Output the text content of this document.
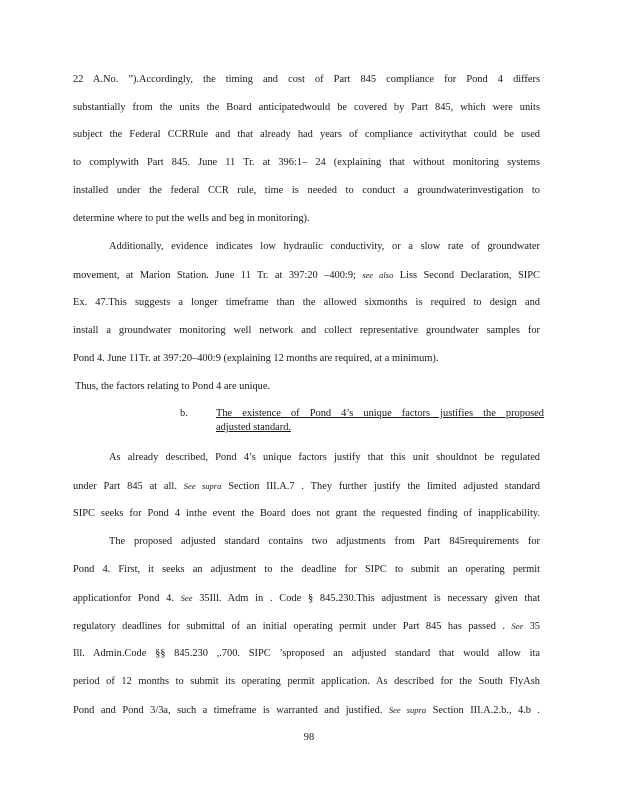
22 A.No. ”).Accordingly, the timing and cost of Part 845 compliance for Pond 4 differs
substantially from the units the Board anticipatedwould be covered by Part 845, which were units
subject the Federal CCRRule and that already had years of compliance activitythat could be used
to complywith Part 845. June 11 Tr. at 396:1– 24 (explaining that without monitoring systems
installed under the federal CCR rule, time is needed to conduct a groundwaterinvestigation to
determine where to put the wells and beg in monitoring).
Additionally, evidence indicates low hydraulic conductivity, or a slow rate of groundwater
movement, at Marion Station. June 11 Tr. at 397:20 ‒400:9; see also Liss Second Declaration, SIPC
Ex. 47.This suggests a longer timeframe than the allowed sixmonths is required to design and
install a groundwater monitoring well network and collect representative groundwater samples for
Pond 4. June 11Tr. at 397:20–400:9 (explaining 12 months are required, at a minimum).
Thus, the factors relating to Pond 4 are unique.
b.	The existence of Pond 4’s unique factors justifies the proposed
adjusted standard.
As already described, Pond 4’s unique factors justify that this unit shouldnot be regulated
under Part 845 at all. See supra Section III.A.7 . They further justify the limited adjusted standard
SIPC seeks for Pond 4 inthe event the Board does not grant the requested finding of inapplicability.
The proposed adjusted standard contains two adjustments from Part 845requirements for
Pond 4. First, it seeks an adjustment to the deadline for SIPC to submit an operating permit
applicationfor Pond 4. See 35Ill. Adm in . Code § 845.230.This adjustment is necessary given that
regulatory deadlines for submittal of an initial operating permit under Part 845 has passed . See 35
Ill. Admin.Code §§ 845.230 ,.700. SIPC ’sproposed an adjusted standard that would allow ita
period of 12 months to submit its operating permit application. As described for the South FlyAsh
Pond and Pond 3/3a, such a timeframe is warranted and justified. See supra Section III.A.2.b., 4.b .
98
